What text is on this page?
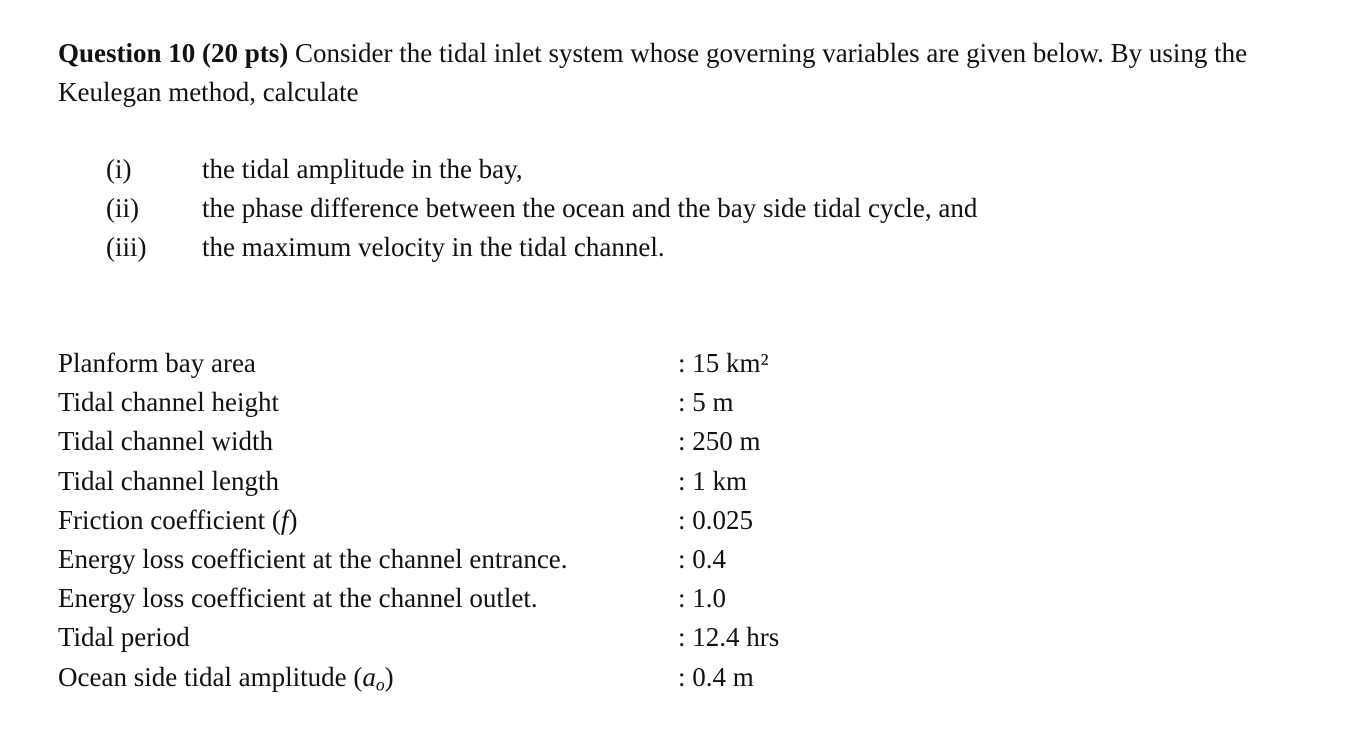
Question 10 (20 pts) Consider the tidal inlet system whose governing variables are given below. By using the Keulegan method, calculate
(i)	the tidal amplitude in the bay,
(ii)	the phase difference between the ocean and the bay side tidal cycle, and
(iii)	the maximum velocity in the tidal channel.
Planform bay area	: 15 km²
Tidal channel height	: 5 m
Tidal channel width	: 250 m
Tidal channel length	: 1 km
Friction coefficient (f)	: 0.025
Energy loss coefficient at the channel entrance.	: 0.4
Energy loss coefficient at the channel outlet.	: 1.0
Tidal period	: 12.4 hrs
Ocean side tidal amplitude $(a_o)$	: 0.4 m
